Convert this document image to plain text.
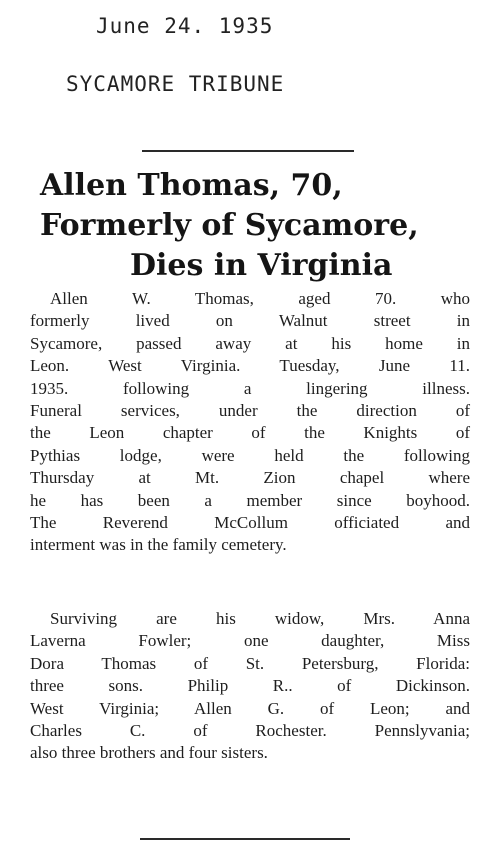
June 24. 1935
SYCAMORE TRIBUNE
Allen Thomas, 70,
Formerly of Sycamore,
Dies in Virginia
Allen W. Thomas, aged 70. who
formerly lived on Walnut street in
Sycamore, passed away at his home in
Leon. West Virginia. Tuesday, June 11.
1935. following a lingering illness.
Funeral services, under the direction of
the Leon chapter of the Knights of
Pythias lodge, were held the following
Thursday at Mt. Zion chapel where
he has been a member since boyhood.
The Reverend McCollum officiated and
interment was in the family cemetery.
Surviving are his widow, Mrs. Anna
Laverna Fowler; one daughter, Miss
Dora Thomas of St. Petersburg, Florida:
three sons. Philip R.. of Dickinson.
West Virginia; Allen G. of Leon; and
Charles C. of Rochester. Pennslyvania;
also three brothers and four sisters.
